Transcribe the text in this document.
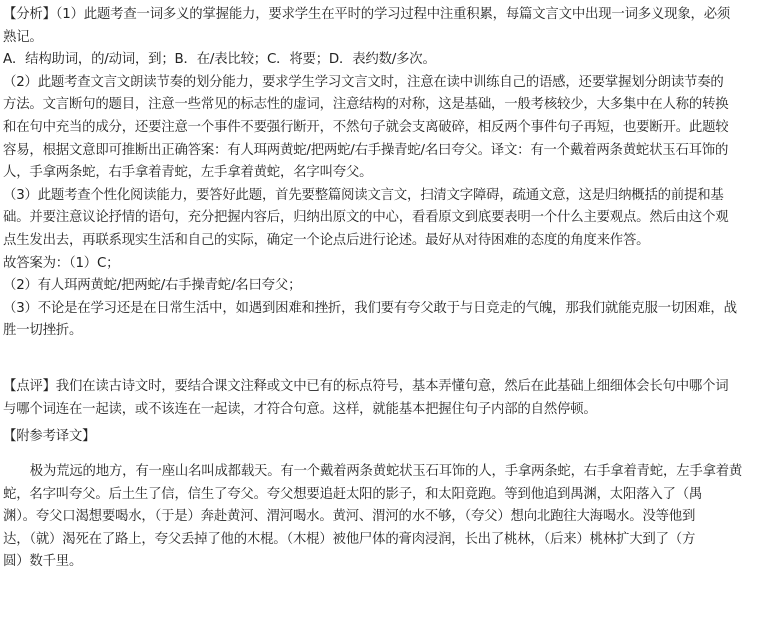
【分析】（1）此题考查一词多义的掌握能力，要求学生在平时的学习过程中注重积累，每篇文言文中出现一词多义现象，必须
熟记。
A．结构助词，的/动词，到；B．在/表比较；C．将要；D．表约数/多次。
（2）此题考查文言文朗读节奏的划分能力，要求学生学习文言文时，注意在读中训练自己的语感，还要掌握划分朗读节奏的
方法。文言断句的题目，注意一些常见的标志性的虚词，注意结构的对称，这是基础，一般考核较少，大多集中在人称的转换
和在句中充当的成分，还要注意一个事件不要强行断开，不然句子就会支离破碎，相反两个事件句子再短，也要断开。此题较
容易，根据文意即可推断出正确答案：有人珥两黄蛇/把两蛇/右手操青蛇/名曰夸父。译文：有一个戴着两条黄蛇状玉石耳饰的
人，手拿两条蛇，右手拿着青蛇，左手拿着黄蛇，名字叫夸父。
（3）此题考查个性化阅读能力，要答好此题，首先要整篇阅读文言文，扫清文字障碍，疏通文意，这是归纳概括的前提和基
础。并要注意议论抒情的语句，充分把握内容后，归纳出原文的中心，看看原文到底要表明一个什么主要观点。然后由这个观
点生发出去，再联系现实生活和自己的实际，确定一个论点后进行论述。最好从对待困难的态度的角度来作答。
故答案为：（1）C；
（2）有人珥两黄蛇/把两蛇/右手操青蛇/名曰夸父；
（3）不论是在学习还是在日常生活中，如遇到困难和挫折，我们要有夸父敢于与日竞走的气魄，那我们就能克服一切困难，战
胜一切挫折。
【点评】我们在读古诗文时，要结合课文注释或文中已有的标点符号，基本弄懂句意，然后在此基础上细细体会长句中哪个词
与哪个词连在一起读，或不该连在一起读，才符合句意。这样，就能基本把握住句子内部的自然停顿。
【附参考译文】
极为荒远的地方，有一座山名叫成都载天。有一个戴着两条黄蛇状玉石耳饰的人，手拿两条蛇，右手拿着青蛇，左手拿着黄
蛇，名字叫夸父。后土生了信，信生了夸父。夸父想要追赶太阳的影子，和太阳竟跑。等到他追到禺渊，太阳落入了（禺
渊）。夸父口渴想要喝水，（于是）奔赴黄河、渭河喝水。黄河、渭河的水不够，（夸父）想向北跑往大海喝水。没等他到
达，（就）渴死在了路上，夸父丢掉了他的木棍。（木棍）被他尸体的膏肉浸润，长出了桃林，（后来）桃林扩大到了（方
圆）数千里。
